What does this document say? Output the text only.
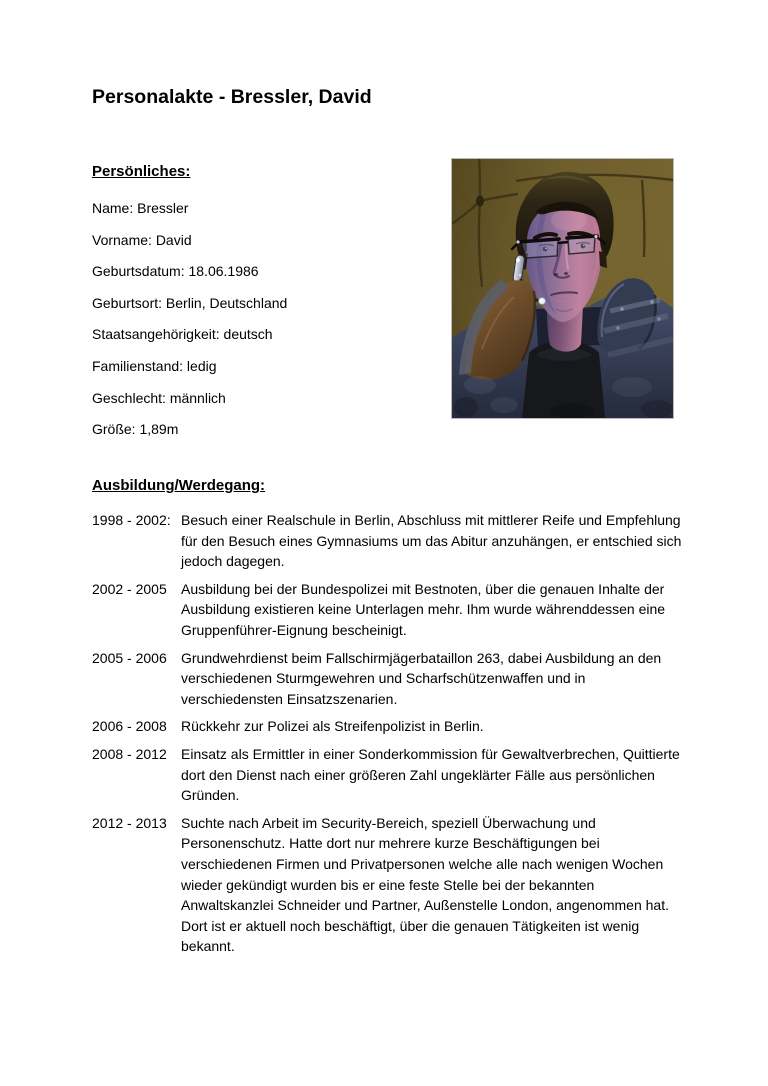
Personalakte - Bressler, David
Persönliches:

Name: Bressler

Vorname: David

Geburtsdatum: 18.06.1986

Geburtsort: Berlin, Deutschland

Staatsangehörigkeit: deutsch

Familienstand: ledig

Geschlecht: männlich

Größe: 1,89m

Ausbildung/Werdegang:
1998 - 2002: Besuch einer Realschule in Berlin, Abschluss mit mittlerer Reife und Empfehlung für den Besuch eines Gymnasiums um das Abitur anzuhängen, er entschied sich jedoch dagegen.
2002 - 2005	Ausbildung bei der Bundespolizei mit Bestnoten, über die genauen Inhalte der Ausbildung existieren keine Unterlagen mehr. Ihm wurde währenddessen eine Gruppenführer-Eignung bescheinigt.
2005 - 2006	Grundwehrdienst beim Fallschirmjägerbataillon 263, dabei Ausbildung an den verschiedenen Sturmgewehren und Scharfschützenwaffen und in verschiedensten Einsatzszenarien.
2006 - 2008	Rückkehr zur Polizei als Streifenpolizist in Berlin.
2008 - 2012	Einsatz als Ermittler in einer Sonderkommission für Gewaltverbrechen, Quittierte dort den Dienst nach einer größeren Zahl ungeklärter Fälle aus persönlichen Gründen.
2012 - 2013	Suchte nach Arbeit im Security-Bereich, speziell Überwachung und Personenschutz. Hatte dort nur mehrere kurze Beschäftigungen bei verschiedenen Firmen und Privatpersonen welche alle nach wenigen Wochen wieder gekündigt wurden bis er eine feste Stelle bei der bekannten Anwaltskanzlei Schneider und Partner, Außenstelle London, angenommen hat. Dort ist er aktuell noch beschäftigt, über die genauen Tätigkeiten ist wenig bekannt.
